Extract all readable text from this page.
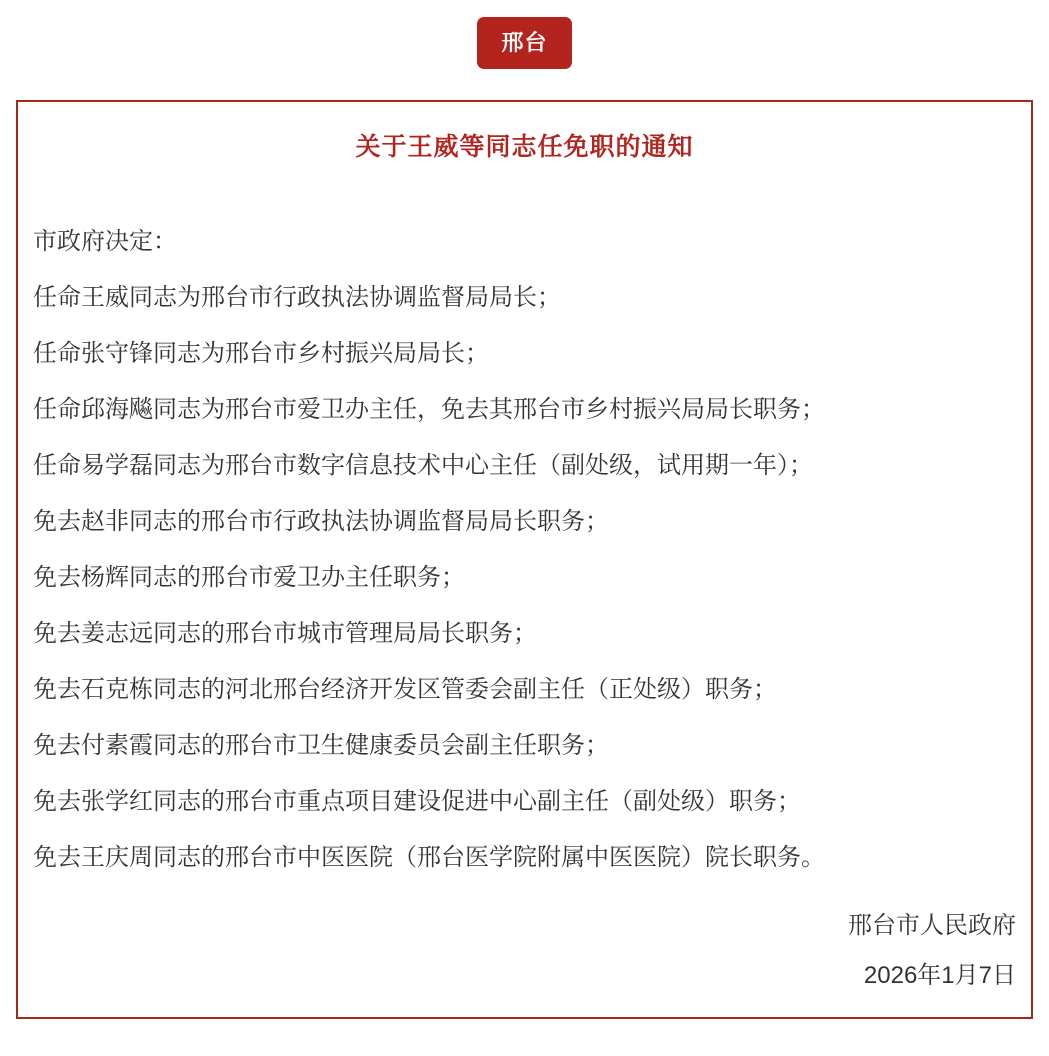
邢台
关于王威等同志任免职的通知

市政府决定：

任命王威同志为邢台市行政执法协调监督局局长；

任命张守锋同志为邢台市乡村振兴局局长；

任命邱海飚同志为邢台市爱卫办主任，免去其邢台市乡村振兴局局长职务；

任命易学磊同志为邢台市数字信息技术中心主任（副处级，试用期一年）；

免去赵非同志的邢台市行政执法协调监督局局长职务；

免去杨辉同志的邢台市爱卫办主任职务；

免去姜志远同志的邢台市城市管理局局长职务；

免去石克栋同志的河北邢台经济开发区管委会副主任（正处级）职务；

免去付素霞同志的邢台市卫生健康委员会副主任职务；

免去张学红同志的邢台市重点项目建设促进中心副主任（副处级）职务；

免去王庆周同志的邢台市中医医院（邢台医学院附属中医医院）院长职务。

邢台市人民政府

2026年1月7日
